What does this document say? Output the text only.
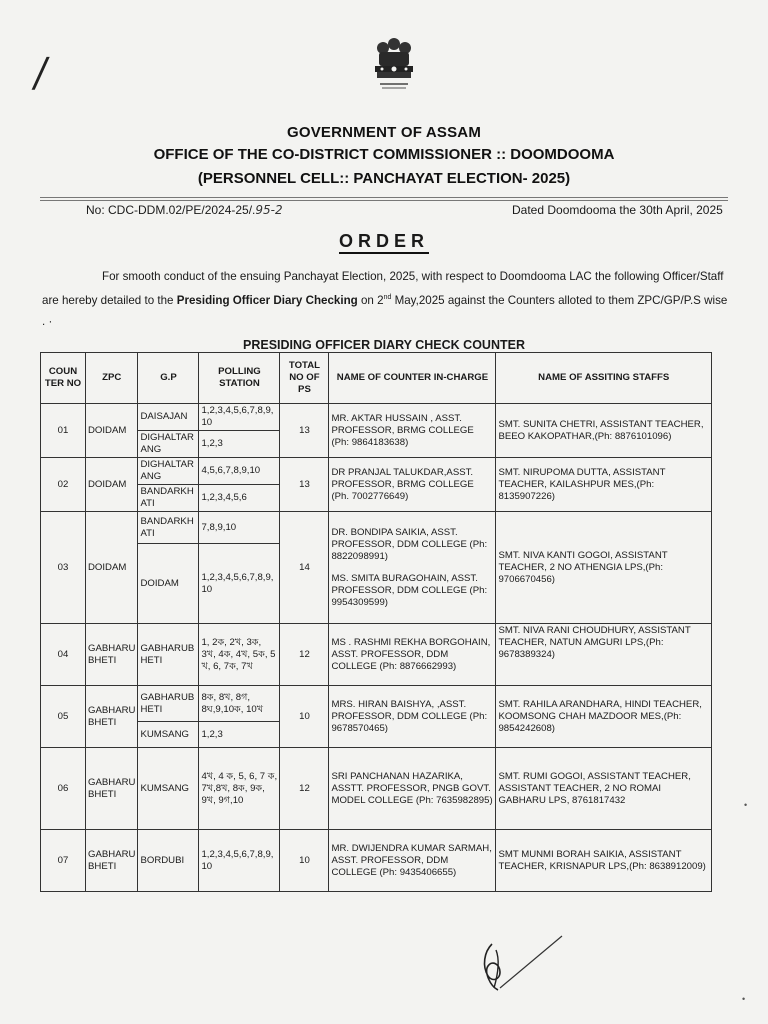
/
GOVERNMENT OF ASSAM
OFFICE OF THE CO-DISTRICT COMMISSIONER :: DOOMDOOMA
(PERSONNEL CELL:: PANCHAYAT ELECTION- 2025)
No: CDC-DDM.02/PE/2024-25/.95-2	Dated Doomdooma the 30th April, 2025
ORDER
For smooth conduct of the ensuing Panchayat Election, 2025, with respect to Doomdooma LAC the following Officer/Staff are hereby detailed to the Presiding Officer Diary Checking on 2nd May,2025 against the Counters alloted to them ZPC/GP/P.S wise . ·
PRESIDING OFFICER DIARY CHECK COUNTER
COUN TER NO	ZPC	G.P	POLLING STATION	TOTAL NO OF PS	NAME OF COUNTER IN-CHARGE	NAME OF ASSITING STAFFS
01	DOIDAM	DAISAJAN	1,2,3,4,5,6,7,8,9, 10	13	MR. AKTAR HUSSAIN , ASST. PROFESSOR, BRMG COLLEGE (Ph: 9864183638)	SMT. SUNITA CHETRI, ASSISTANT TEACHER, BEEO KAKOPATHAR,(Ph: 8876101096)
		DIGHALTAR ANG	1,2,3			
02	DOIDAM	DIGHALTAR ANG	4,5,6,7,8,9,10	13	DR PRANJAL TALUKDAR,ASST. PROFESSOR, BRMG COLLEGE (Ph. 7002776649)	SMT. NIRUPOMA DUTTA, ASSISTANT TEACHER, KAILASHPUR MES,(Ph: 8135907226)
		BANDARKH ATI	1,2,3,4,5,6			
03	DOIDAM	BANDARKH ATI	7,8,9,10	14	DR. BONDIPA SAIKIA, ASST. PROFESSOR, DDM COLLEGE (Ph: 8822098991)
MS. SMITA BURAGOHAIN, ASST. PROFESSOR, DDM COLLEGE (Ph: 9954309599)	SMT. NIVA KANTI GOGOI, ASSISTANT TEACHER, 2 NO ATHENGIA LPS,(Ph: 9706670456)
		DOIDAM	1,2,3,4,5,6,7,8,9, 10			
04	GABHARU BHETI	GABHARUB HETI	1, 2ক, 2খ, 3ক, 3খ, 4ক, 4খ, 5ক, 5 খ, 6, 7ক, 7খ	12	MS . RASHMI REKHA BORGOHAIN, ASST. PROFESSOR, DDM COLLEGE (Ph: 8876662993)	SMT. NIVA RANI CHOUDHURY, ASSISTANT TEACHER, NATUN AMGURI LPS,(Ph: 9678389324)
05	GABHARU BHETI	GABHARUB HETI	8ক, 8খ, 8গ, 8ঘ,9,10ক, 10খ	10	MRS. HIRAN BAISHYA, ,ASST. PROFESSOR, DDM COLLEGE (Ph: 9678570465)	SMT. RAHILA ARANDHARA, HINDI TEACHER, KOOMSONG CHAH MAZDOOR MES,(Ph: 9854242608)
		KUMSANG	1,2,3			
06	GABHARU BHETI	KUMSANG	4খ, 4 ক, 5, 6, 7 ক, 7খ,8খ, 8ক, 9ক, 9খ, 9গ,10	12	SRI PANCHANAN HAZARIKA, ASSTT. PROFESSOR, PNGB GOVT. MODEL COLLEGE (Ph: 7635982895)	SMT. RUMI GOGOI, ASSISTANT TEACHER, ASSISTANT TEACHER, 2 NO ROMAI GABHARU LPS, 8761817432
07	GABHARU BHETI	BORDUBI	1,2,3,4,5,6,7,8,9, 10	10	MR. DWIJENDRA KUMAR SARMAH, ASST. PROFESSOR, DDM COLLEGE (Ph: 9435406655)	SMT MUNMI BORAH SAIKIA, ASSISTANT TEACHER, KRISNAPUR LPS,(Ph: 8638912009)
•
•
